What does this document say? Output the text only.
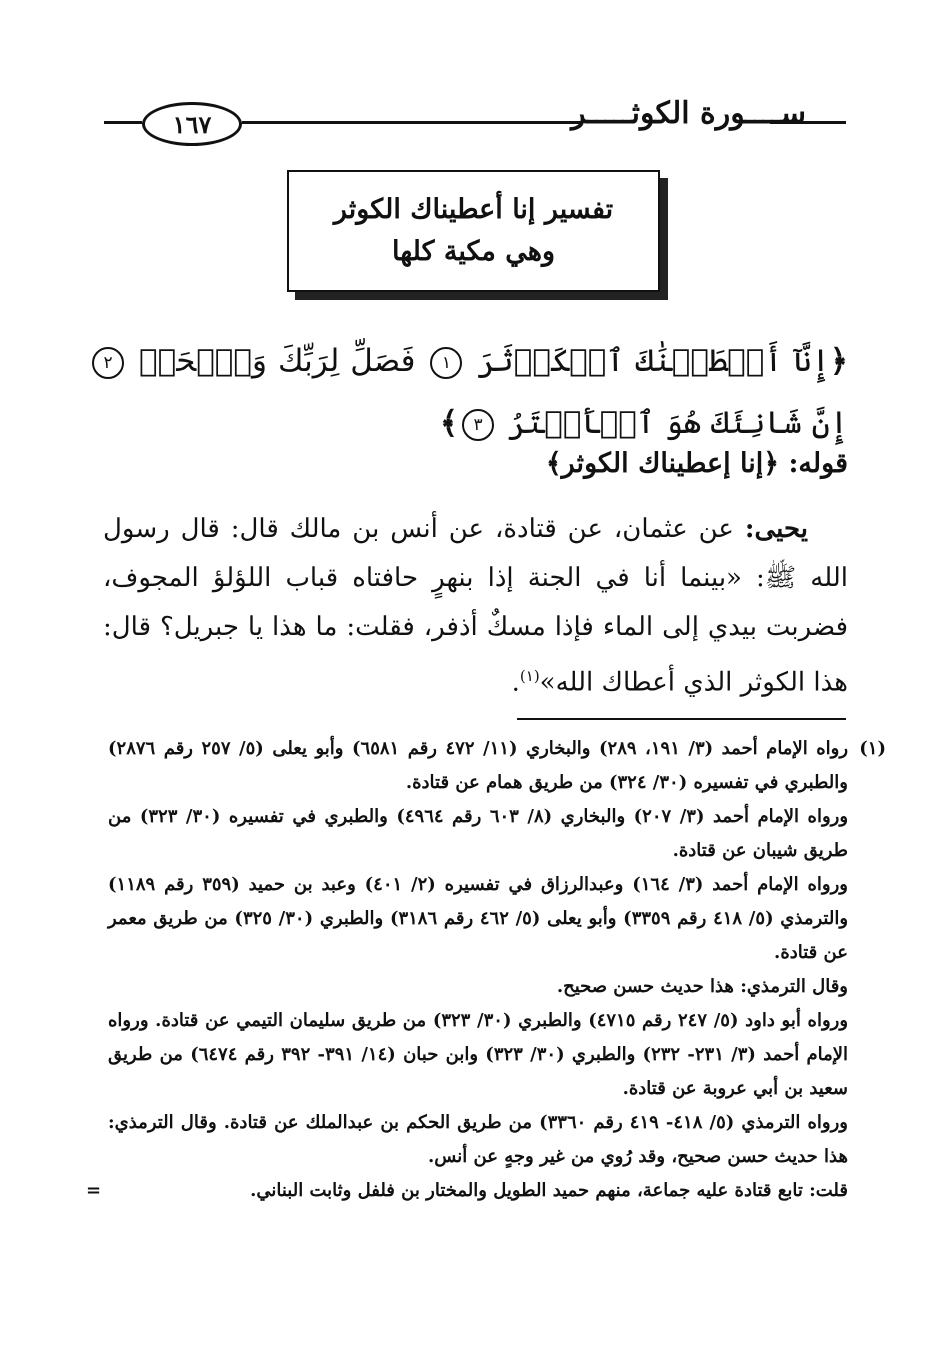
ســــورة الكوثـــــر
١٦٧
تفسير إنا أعطيناك الكوثر
وهي مكية كلها
﴿إِنَّآ أَعۡطَيۡنَٰكَ ٱلۡكَوۡثَرَ ١ فَصَلِّ لِرَبِّكَ وَٱنۡحَرۡ ٢ إِنَّ شَانِئَكَ هُوَ ٱلۡأَبۡتَرُ ٣﴾
قوله: ﴿إنا إعطيناك الكوثر﴾
يحيى: عن عثمان، عن قتادة، عن أنس بن مالك قال: قال رسول الله ﷺ: «بينما أنا في الجنة إذا بنهرٍ حافتاه قباب اللؤلؤ المجوف، فضربت بيدي إلى الماء فإذا مسكٌ أذفر، فقلت: ما هذا يا جبريل؟ قال: هذا الكوثر الذي أعطاك الله»$^{(١)}$.

(١)
رواه الإمام أحمد (٣/ ١٩١، ٢٨٩) والبخاري (١١/ ٤٧٢ رقم ٦٥٨١) وأبو يعلى (٥/ ٢٥٧ رقم ٢٨٧٦) والطبري في تفسيره (٣٠/ ٣٢٤) من طريق همام عن قتادة.

ورواه الإمام أحمد (٣/ ٢٠٧) والبخاري (٨/ ٦٠٣ رقم ٤٩٦٤) والطبري في تفسيره (٣٠/ ٣٢٣) من طريق شيبان عن قتادة.

ورواه الإمام أحمد (٣/ ١٦٤) وعبدالرزاق في تفسيره (٢/ ٤٠١) وعبد بن حميد (٣٥٩ رقم ١١٨٩) والترمذي (٥/ ٤١٨ رقم ٣٣٥٩) وأبو يعلى (٥/ ٤٦٢ رقم ٣١٨٦) والطبري (٣٠/ ٣٢٥) من طريق معمر عن قتادة.

وقال الترمذي: هذا حديث حسن صحيح.

ورواه أبو داود (٥/ ٢٤٧ رقم ٤٧١٥) والطبري (٣٠/ ٣٢٣) من طريق سليمان التيمي عن قتادة. ورواه الإمام أحمد (٣/ ٢٣١- ٢٣٢) والطبري (٣٠/ ٣٢٣) وابن حبان (١٤/ ٣٩١- ٣٩٢ رقم ٦٤٧٤) من طريق سعيد بن أبي عروبة عن قتادة.

ورواه الترمذي (٥/ ٤١٨- ٤١٩ رقم ٣٣٦٠) من طريق الحكم بن عبدالملك عن قتادة. وقال الترمذي: هذا حديث حسن صحيح، وقد رُوي من غير وجهٍ عن أنس.

قلت: تابع قتادة عليه جماعة، منهم حميد الطويل والمختار بن فلفل وثابت البناني.
=
